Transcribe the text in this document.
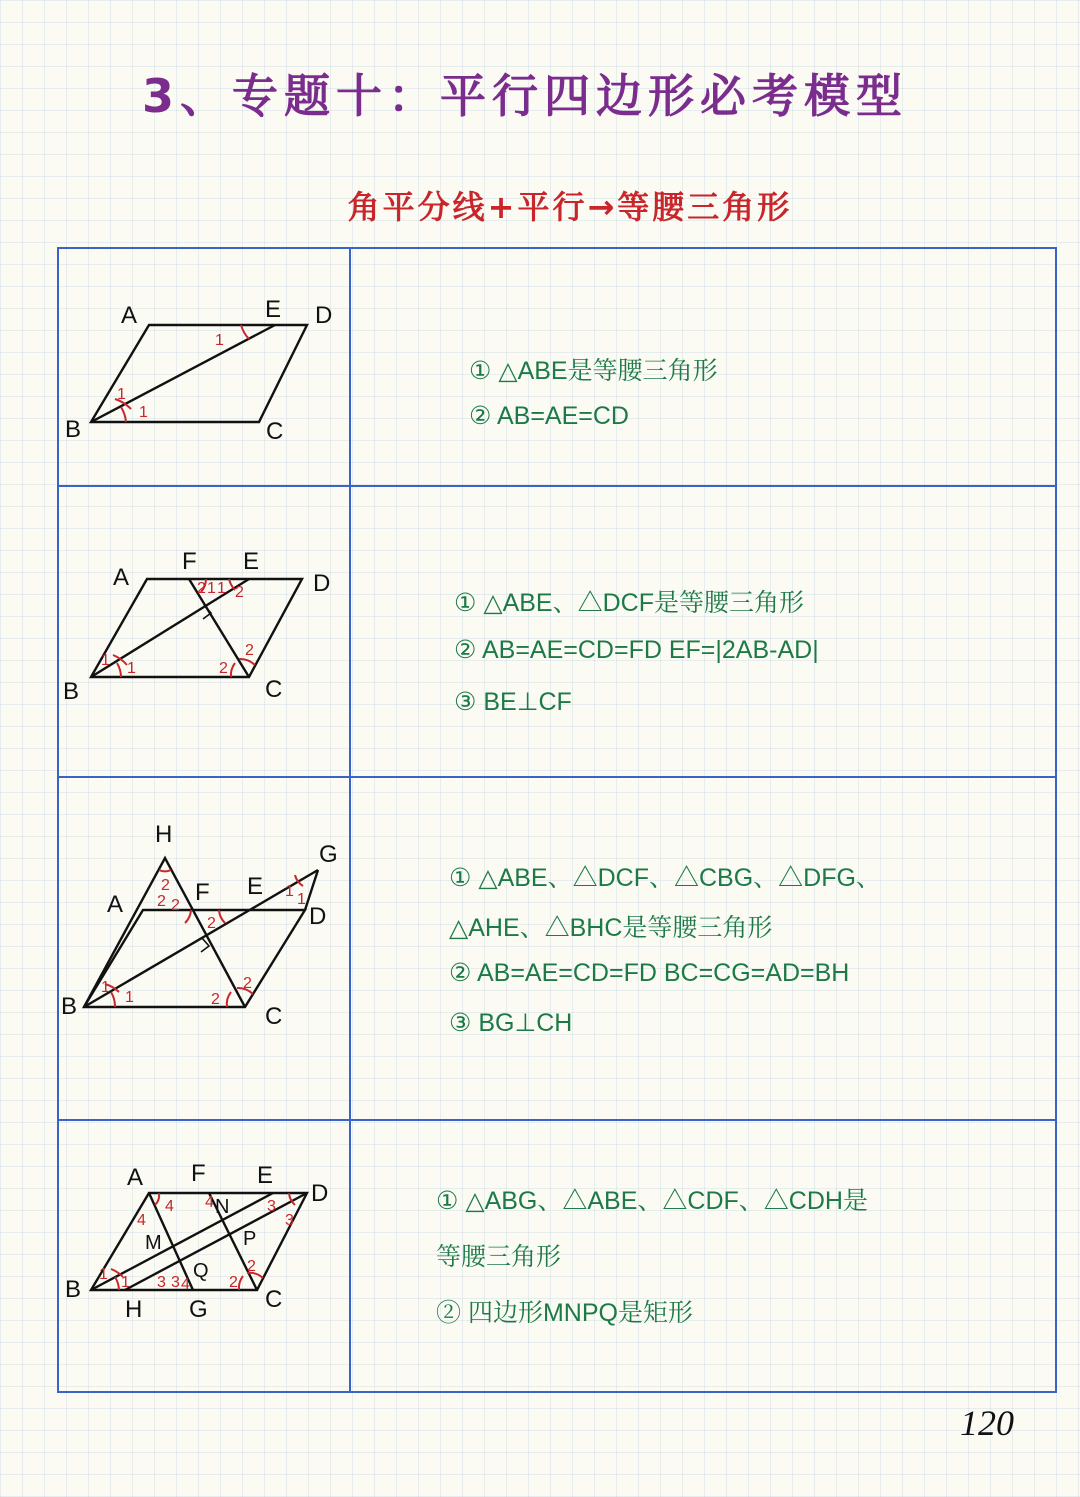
3、专题十：平行四边形必考模型
角平分线+平行→等腰三角形
A
B	C
D
E
1
1
1
① △ABE是等腰三角形
② AB=AE=CD
A
B	C
D
E
F
1 1
1
1
2 2
2
2
① △ABE、△DCF是等腰三角形
② AB=AE=CD=FD EF=|2AB-AD|
③ BE⊥CF
H
G
A	F E
D
B	C
1
1
1 1
2
2 2
2
2
2
① △ABE、△DCF、△CBG、△DFG、
△AHE、△BHC是等腰三角形
② AB=AE=CD=FD BC=CG=AD=BH
③ BG⊥CH
A F E
D
B
H G C
M
N
P
Q
1 1	2
2
3
3
3 3
4
4
4
4
① △ABG、△ABE、△CDF、△CDH是
等腰三角形
② 四边形MNPQ是矩形
120
